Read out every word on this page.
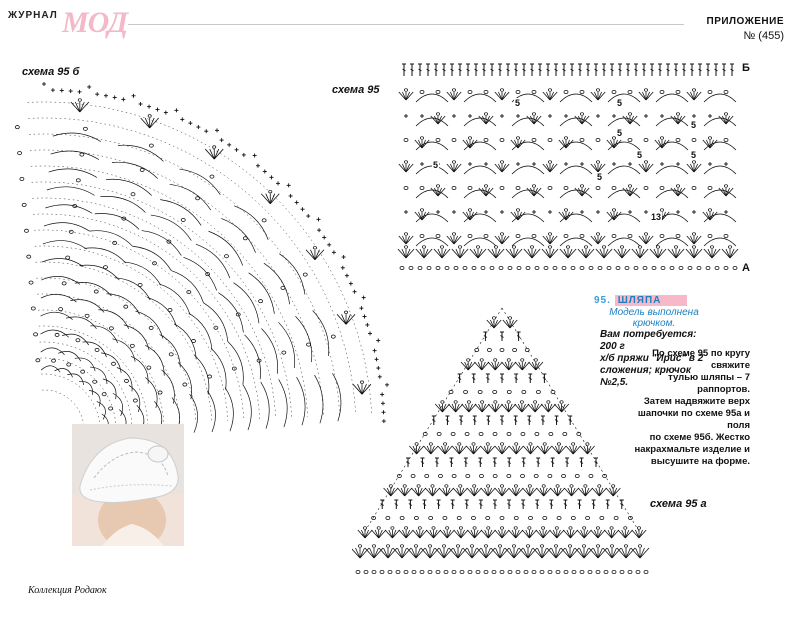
ЖУРНАЛ МОД	ПРИЛОЖЕНИЕ
№ (455)
схема 95 б
схема 95
схема 95 а
Б
А
5
5	5
5
5
5
5
5
13
95. ШЛЯПА
Модель выполнена крючком.
Вам потребуется: 200 г
х/б пряжи "Ирис" в 2
сложения; крючок
№2,5.
По схеме 95 по кругу свяжите
тулью шляпы – 7 раппортов.
Затем надвяжите верх
шапочки по схеме 95а и поля
по схеме 95б. Жестко
накрахмальте изделие и
высушите на форме.
Коллекция Родаюк
